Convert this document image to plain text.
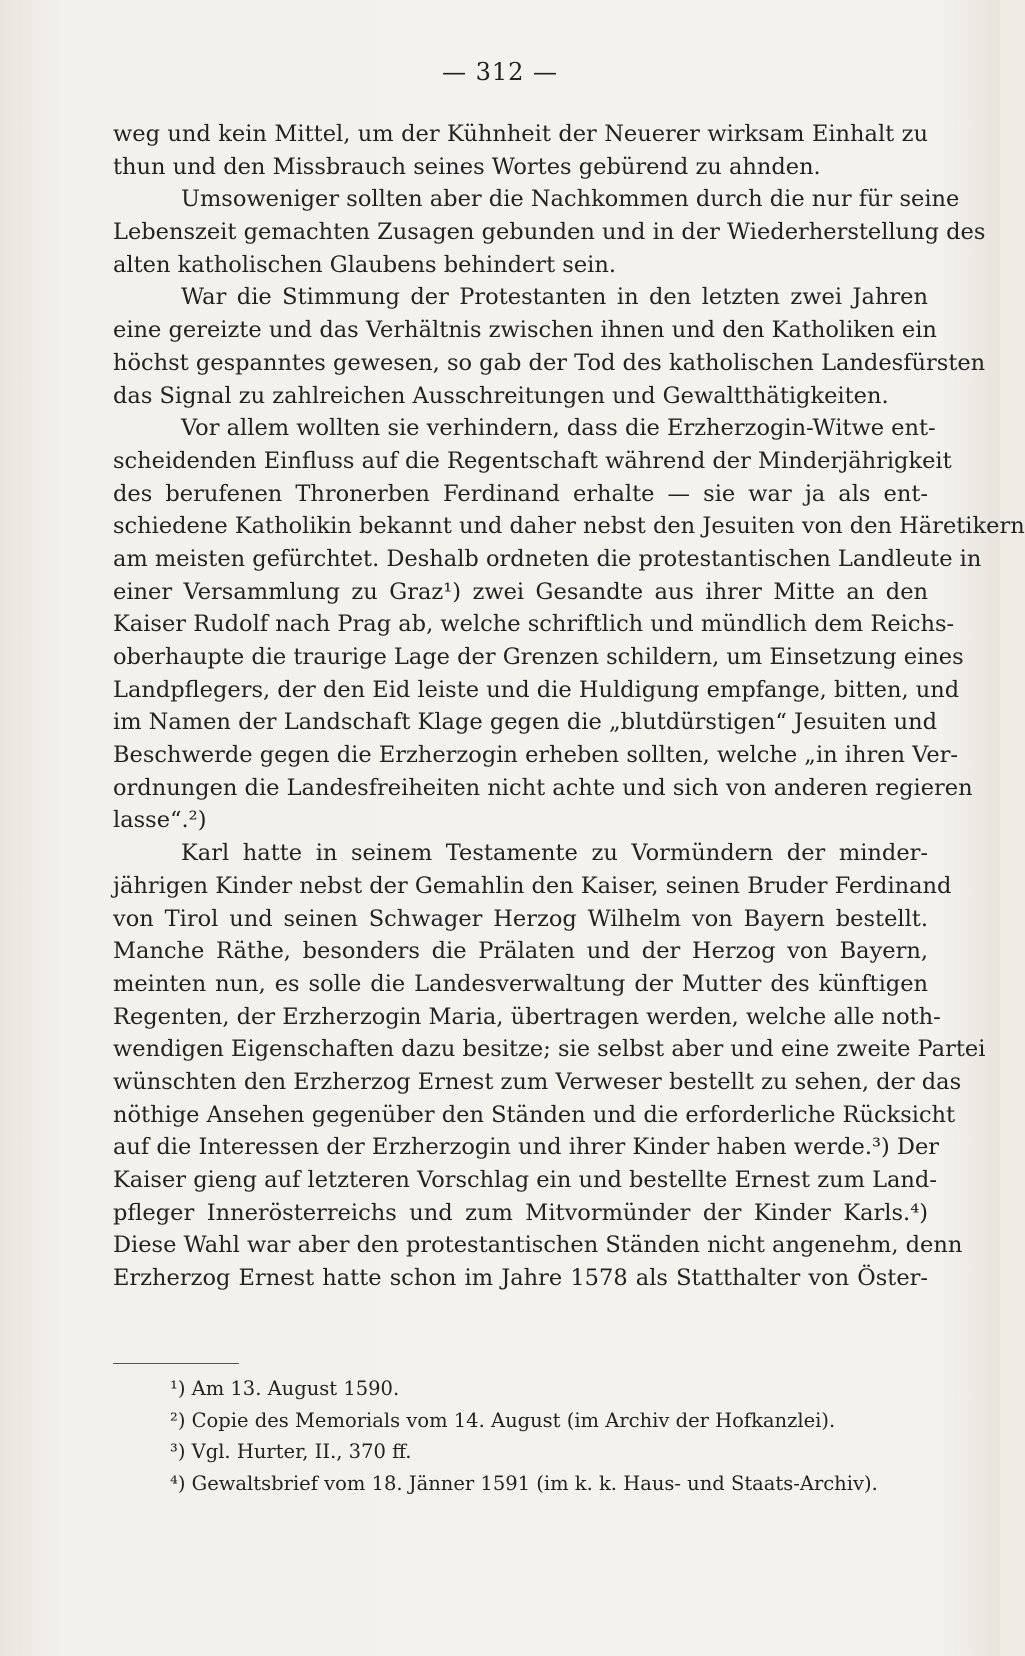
— 312 —
weg und kein Mittel, um der Kühnheit der Neuerer wirksam Einhalt zu
thun und den Missbrauch seines Wortes gebürend zu ahnden.
Umsoweniger sollten aber die Nachkommen durch die nur für seine
Lebenszeit gemachten Zusagen gebunden und in der Wiederherstellung des
alten katholischen Glaubens behindert sein.
War die Stimmung der Protestanten in den letzten zwei Jahren
eine gereizte und das Verhältnis zwischen ihnen und den Katholiken ein
höchst gespanntes gewesen, so gab der Tod des katholischen Landesfürsten
das Signal zu zahlreichen Ausschreitungen und Gewaltthätigkeiten.
Vor allem wollten sie verhindern, dass die Erzherzogin-Witwe ent-
scheidenden Einfluss auf die Regentschaft während der Minderjährigkeit
des berufenen Thronerben Ferdinand erhalte — sie war ja als ent-
schiedene Katholikin bekannt und daher nebst den Jesuiten von den Häretikern
am meisten gefürchtet. Deshalb ordneten die protestantischen Landleute in
einer Versammlung zu Graz¹) zwei Gesandte aus ihrer Mitte an den
Kaiser Rudolf nach Prag ab, welche schriftlich und mündlich dem Reichs-
oberhaupte die traurige Lage der Grenzen schildern, um Einsetzung eines
Landpflegers, der den Eid leiste und die Huldigung empfange, bitten, und
im Namen der Landschaft Klage gegen die „blutdürstigen“ Jesuiten und
Beschwerde gegen die Erzherzogin erheben sollten, welche „in ihren Ver-
ordnungen die Landesfreiheiten nicht achte und sich von anderen regieren
lasse“.²)
Karl hatte in seinem Testamente zu Vormündern der minder-
jährigen Kinder nebst der Gemahlin den Kaiser, seinen Bruder Ferdinand
von Tirol und seinen Schwager Herzog Wilhelm von Bayern bestellt.
Manche Räthe, besonders die Prälaten und der Herzog von Bayern,
meinten nun, es solle die Landesverwaltung der Mutter des künftigen
Regenten, der Erzherzogin Maria, übertragen werden, welche alle noth-
wendigen Eigenschaften dazu besitze; sie selbst aber und eine zweite Partei
wünschten den Erzherzog Ernest zum Verweser bestellt zu sehen, der das
nöthige Ansehen gegenüber den Ständen und die erforderliche Rücksicht
auf die Interessen der Erzherzogin und ihrer Kinder haben werde.³) Der
Kaiser gieng auf letzteren Vorschlag ein und bestellte Ernest zum Land-
pfleger Innerösterreichs und zum Mitvormünder der Kinder Karls.⁴)
Diese Wahl war aber den protestantischen Ständen nicht angenehm, denn
Erzherzog Ernest hatte schon im Jahre 1578 als Statthalter von Öster-
¹) Am 13. August 1590.
²) Copie des Memorials vom 14. August (im Archiv der Hofkanzlei).
³) Vgl. Hurter, II., 370 ff.
⁴) Gewaltsbrief vom 18. Jänner 1591 (im k. k. Haus- und Staats-Archiv).
